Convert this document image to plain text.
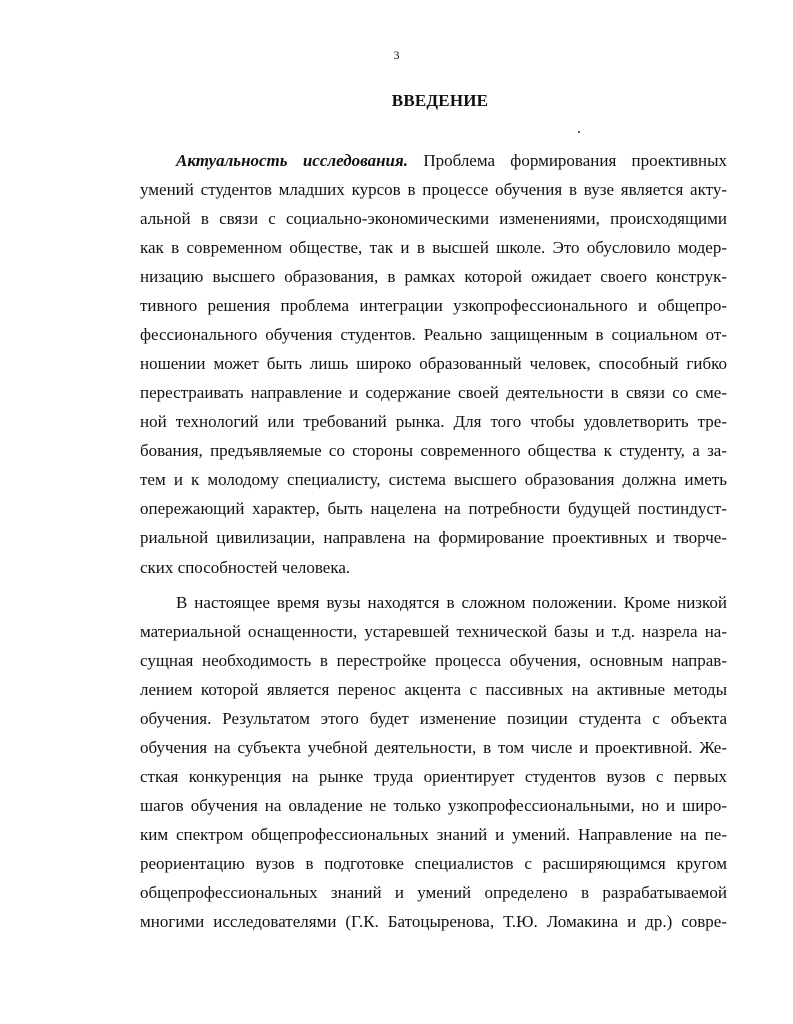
3
ВВЕДЕНИЕ
Актуальность исследования. Проблема формирования проективных
умений студентов младших курсов в процессе обучения в вузе является акту-
альной в связи с социально-экономическими изменениями, происходящими
как в современном обществе, так и в высшей школе. Это обусловило модер-
низацию высшего образования, в рамках которой ожидает своего конструк-
тивного решения проблема интеграции узкопрофессионального и общепро-
фессионального обучения студентов. Реально защищенным в социальном от-
ношении может быть лишь широко образованный человек, способный гибко
перестраивать направление и содержание своей деятельности в связи со сме-
ной технологий или требований рынка. Для того чтобы удовлетворить тре-
бования, предъявляемые со стороны современного общества к студенту, а за-
тем и к молодому специалисту, система высшего образования должна иметь
опережающий характер, быть нацелена на потребности будущей постиндуст-
риальной цивилизации, направлена на формирование проективных и творче-
ских способностей человека.
В настоящее время вузы находятся в сложном положении. Кроме низкой
материальной оснащенности, устаревшей технической базы и т.д. назрела на-
сущная необходимость в перестройке процесса обучения, основным направ-
лением которой является перенос акцента с пассивных на активные методы
обучения. Результатом этого будет изменение позиции студента с объекта
обучения на субъекта учебной деятельности, в том числе и проективной. Же-
сткая конкуренция на рынке труда ориентирует студентов вузов с первых
шагов обучения на овладение не только узкопрофессиональными, но и широ-
ким спектром общепрофессиональных знаний и умений. Направление на пе-
реориентацию вузов в подготовке специалистов с расширяющимся кругом
общепрофессиональных знаний и умений определено в разрабатываемой
многими исследователями (Г.К. Батоцыренова, Т.Ю. Ломакина и др.) совре-
